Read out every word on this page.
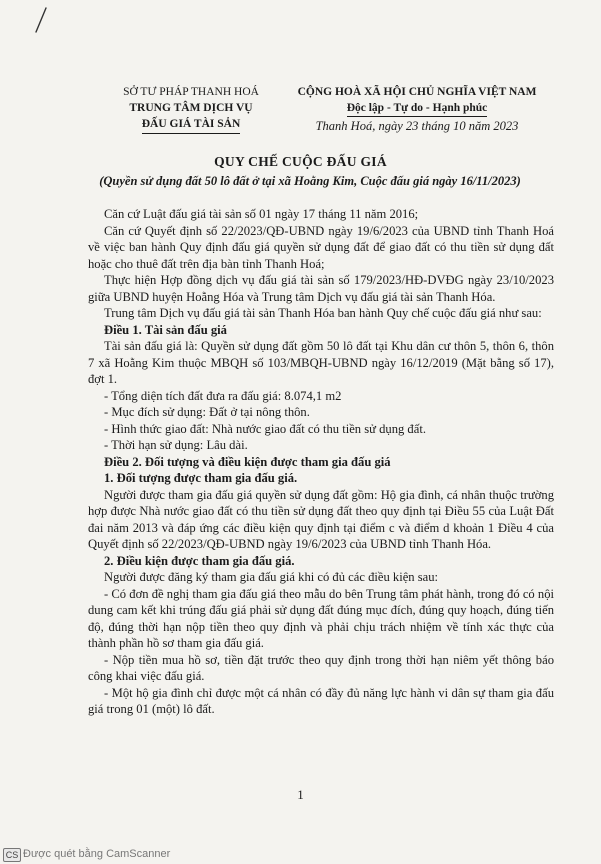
SỞ TƯ PHÁP THANH HOÁ
TRUNG TÂM DỊCH VỤ
ĐẤU GIÁ TÀI SẢN
CỘNG HOÀ XÃ HỘI CHỦ NGHĨA VIỆT NAM
Độc lập - Tự do - Hạnh phúc
Thanh Hoá, ngày 23 tháng 10 năm 2023
QUY CHẾ CUỘC ĐẤU GIÁ
(Quyền sử dụng đất 50 lô đất ở tại xã Hoằng Kim, Cuộc đấu giá ngày 16/11/2023)

Căn cứ Luật đấu giá tài sản số 01 ngày 17 tháng 11 năm 2016;

Căn cứ Quyết định số 22/2023/QĐ-UBND ngày 19/6/2023 của UBND tỉnh Thanh Hoá về việc ban hành Quy định đấu giá quyền sử dụng đất để giao đất có thu tiền sử dụng đất hoặc cho thuê đất trên địa bàn tỉnh Thanh Hoá;

Thực hiện Hợp đồng dịch vụ đấu giá tài sản số 179/2023/HĐ-DVĐG ngày 23/10/2023 giữa UBND huyện Hoằng Hóa và Trung tâm Dịch vụ đấu giá tài sản Thanh Hóa.

Trung tâm Dịch vụ đấu giá tài sản Thanh Hóa ban hành Quy chế cuộc đấu giá như sau:

Điều 1. Tài sản đấu giá

Tài sản đấu giá là: Quyền sử dụng đất gồm 50 lô đất tại Khu dân cư thôn 5, thôn 6, thôn 7 xã Hoằng Kim thuộc MBQH số 103/MBQH-UBND ngày 16/12/2019 (Mặt bằng số 17), đợt 1.

- Tổng diện tích đất đưa ra đấu giá: 8.074,1 m2

- Mục đích sử dụng: Đất ở tại nông thôn.

- Hình thức giao đất: Nhà nước giao đất có thu tiền sử dụng đất.

- Thời hạn sử dụng: Lâu dài.

Điều 2. Đối tượng và điều kiện được tham gia đấu giá

1. Đối tượng được tham gia đấu giá.

Người được tham gia đấu giá quyền sử dụng đất gồm: Hộ gia đình, cá nhân thuộc trường hợp được Nhà nước giao đất có thu tiền sử dụng đất theo quy định tại Điều 55 của Luật Đất đai năm 2013 và đáp ứng các điều kiện quy định tại điểm c và điểm d khoản 1 Điều 4 của Quyết định số 22/2023/QĐ-UBND ngày 19/6/2023 của UBND tỉnh Thanh Hóa.

2. Điều kiện được tham gia đấu giá.

Người được đăng ký tham gia đấu giá khi có đủ các điều kiện sau:

- Có đơn đề nghị tham gia đấu giá theo mẫu do bên Trung tâm phát hành, trong đó có nội dung cam kết khi trúng đấu giá phải sử dụng đất đúng mục đích, đúng quy hoạch, đúng tiến độ, đúng thời hạn nộp tiền theo quy định và phải chịu trách nhiệm về tính xác thực của thành phần hồ sơ tham gia đấu giá.

- Nộp tiền mua hồ sơ, tiền đặt trước theo quy định trong thời hạn niêm yết thông báo công khai việc đấu giá.

- Một hộ gia đình chỉ được một cá nhân có đầy đủ năng lực hành vi dân sự tham gia đấu giá trong 01 (một) lô đất.

1
CS Được quét bằng CamScanner
